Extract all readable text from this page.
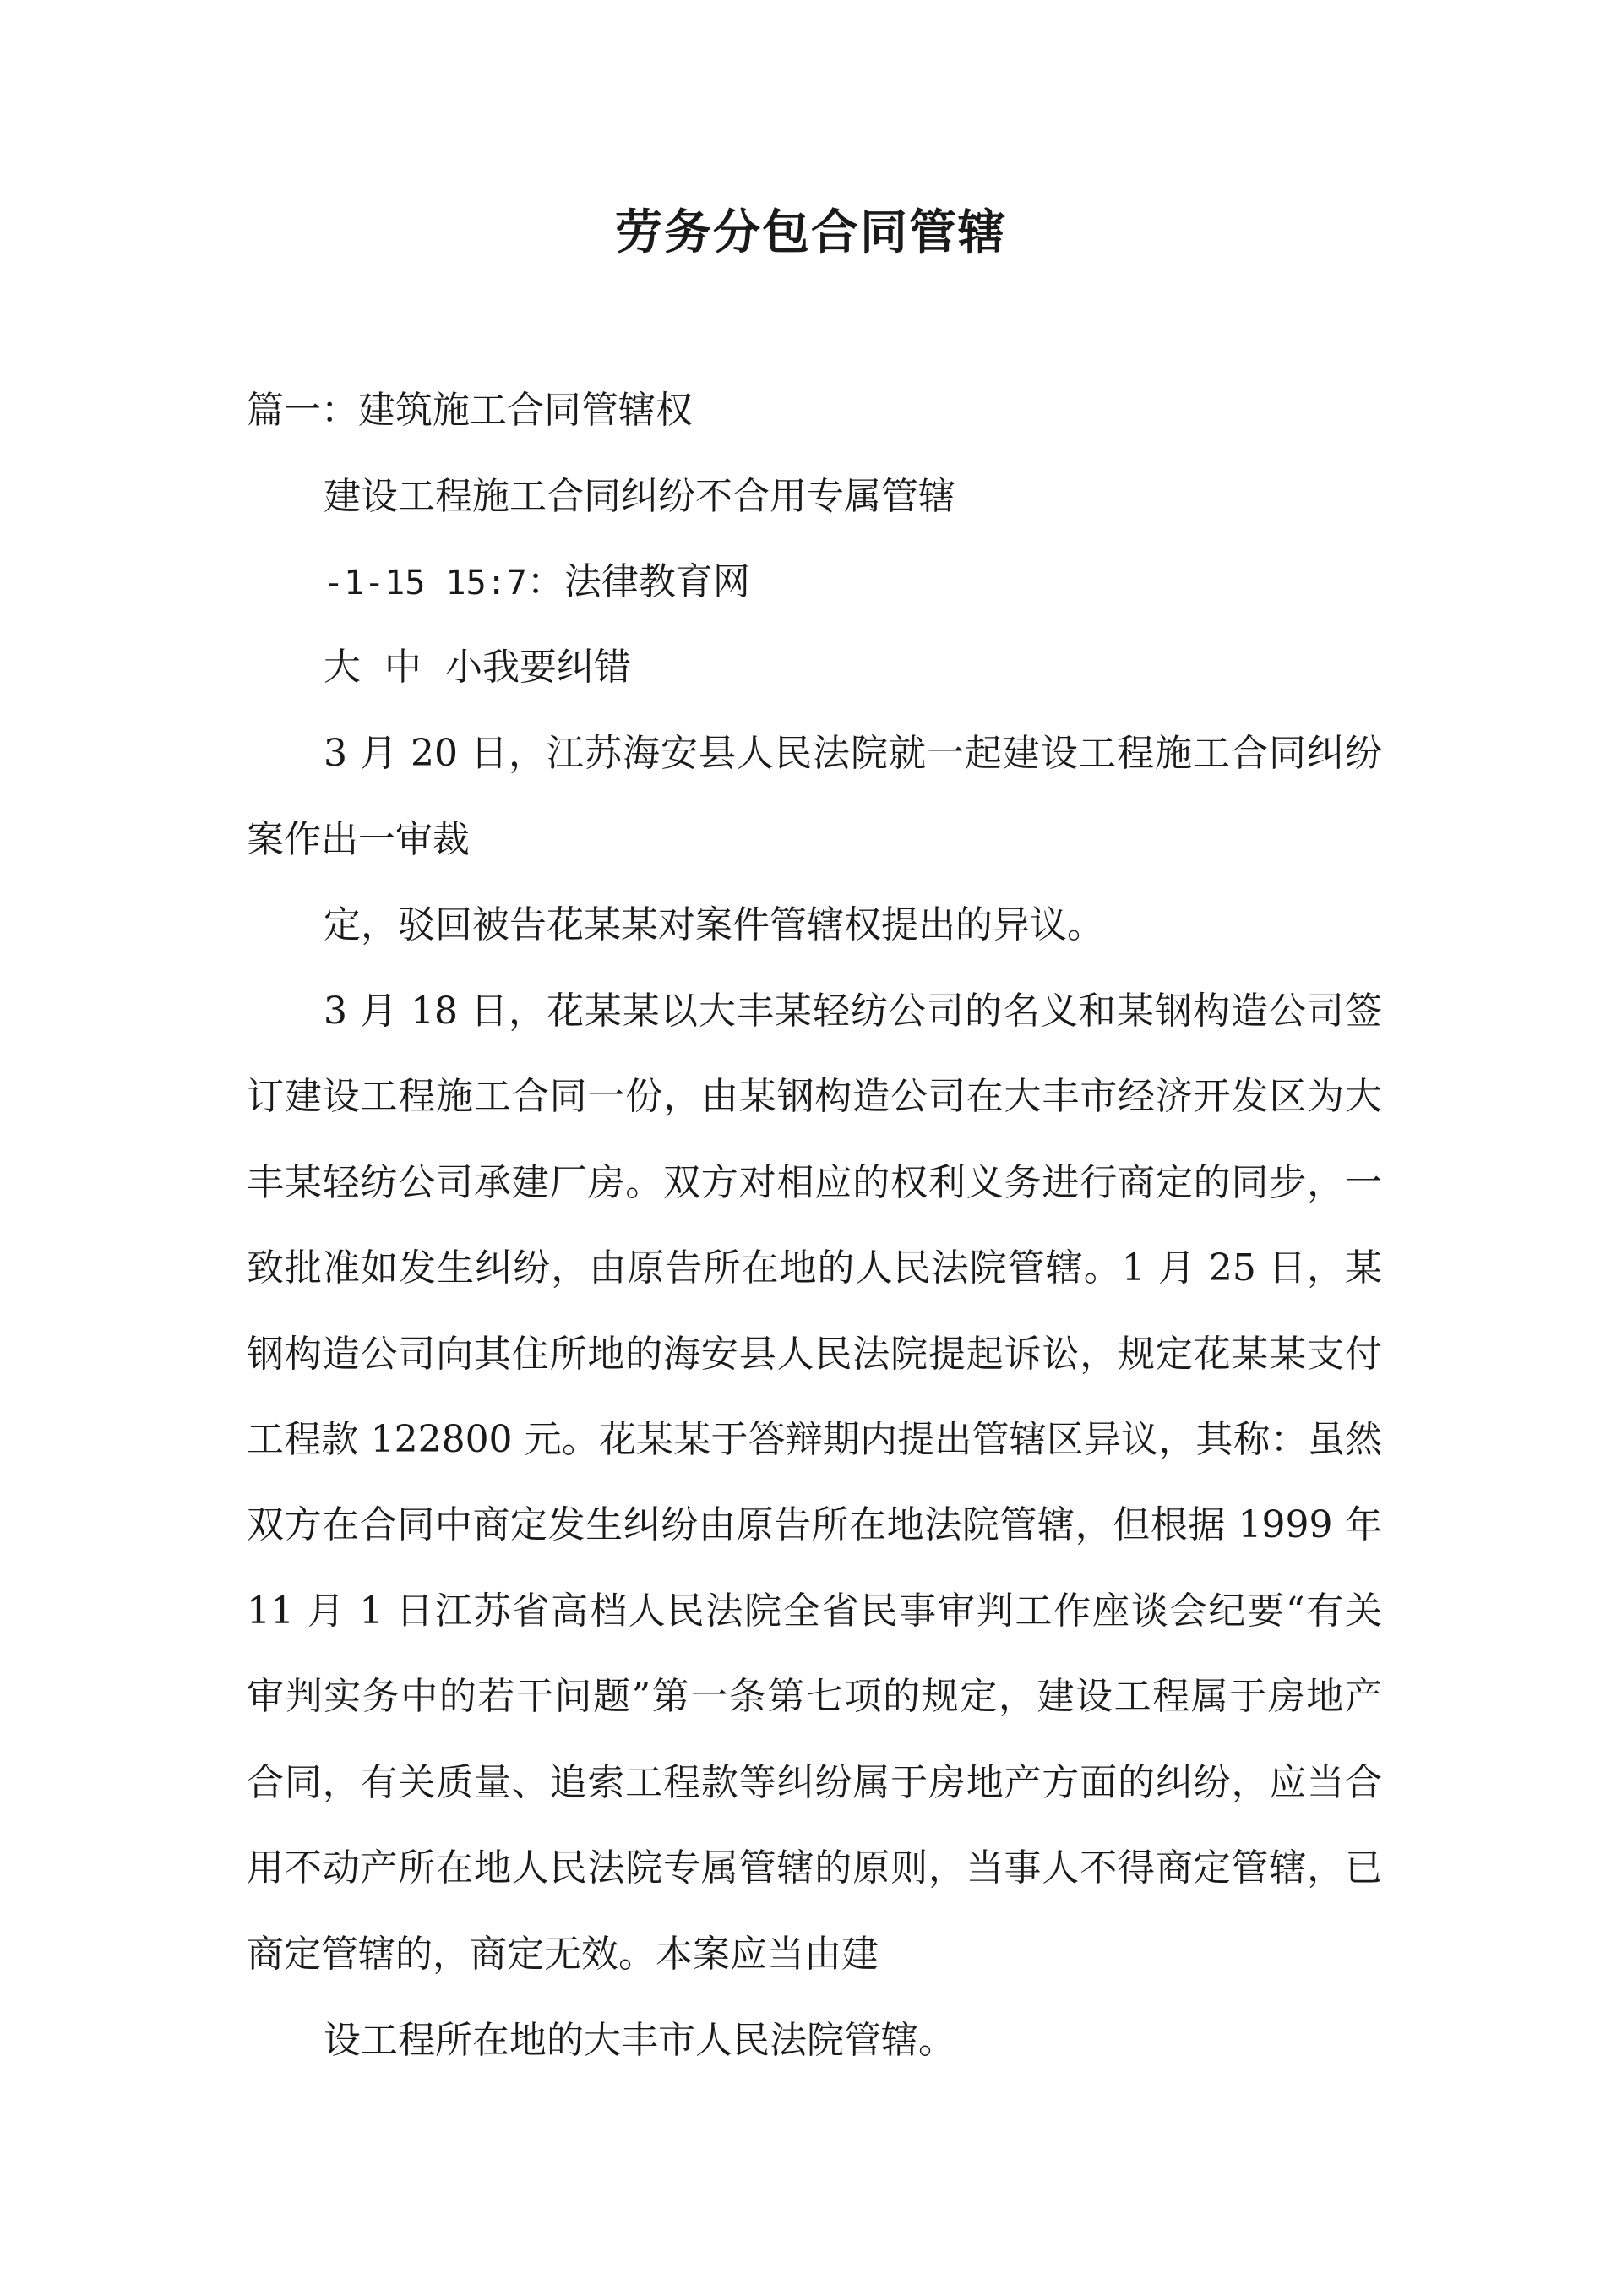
劳务分包合同管辖
篇一：建筑施工合同管辖权
建设工程施工合同纠纷不合用专属管辖
-1-15 15:7：法律教育网
大 中 小我要纠错
3 月 20 日，江苏海安县人民法院就一起建设工程施工合同纠纷
案作出一审裁
定，驳回被告花某某对案件管辖权提出的异议。
3 月 18 日，花某某以大丰某轻纺公司的名义和某钢构造公司签
订建设工程施工合同一份，由某钢构造公司在大丰市经济开发区为大
丰某轻纺公司承建厂房。双方对相应的权利义务进行商定的同步，一
致批准如发生纠纷，由原告所在地的人民法院管辖。1 月 25 日，某
钢构造公司向其住所地的海安县人民法院提起诉讼，规定花某某支付
工程款 122800 元。花某某于答辩期内提出管辖区异议，其称：虽然
双方在合同中商定发生纠纷由原告所在地法院管辖，但根据 1999 年
11 月 1 日江苏省高档人民法院全省民事审判工作座谈会纪要“有关
审判实务中的若干问题”第一条第七项的规定，建设工程属于房地产
合同，有关质量、追索工程款等纠纷属于房地产方面的纠纷，应当合
用不动产所在地人民法院专属管辖的原则，当事人不得商定管辖，已
商定管辖的，商定无效。本案应当由建
设工程所在地的大丰市人民法院管辖。
